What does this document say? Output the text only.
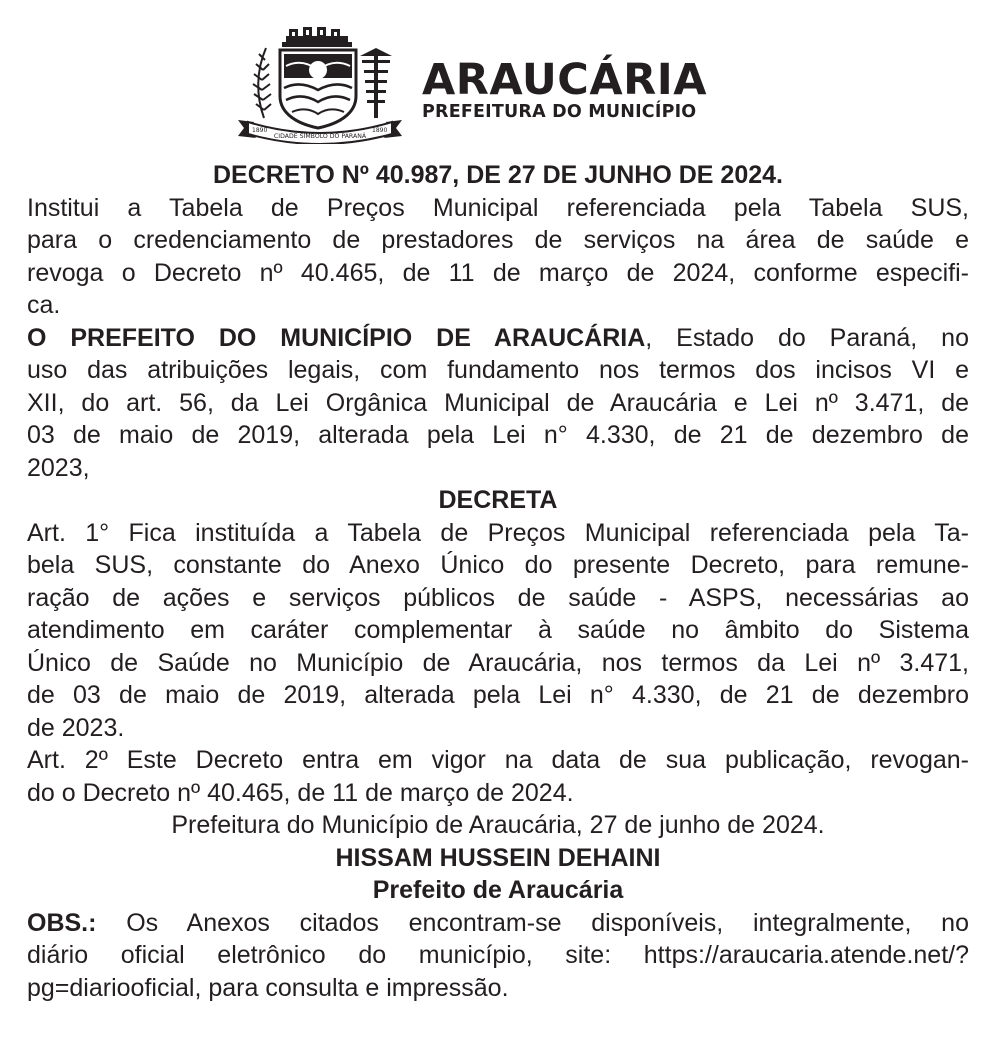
1890
CIDADE SÍMBOLO DO PARANÁ
1890
ARAUCÁRIA
PREFEITURA DO MUNICÍPIO
DECRETO Nº 40.987, DE 27 DE JUNHO DE 2024.
Institui a Tabela de Preços Municipal referenciada pela Tabela SUS,
para o credenciamento de prestadores de serviços na área de saúde e
revoga o Decreto nº 40.465, de 11 de março de 2024, conforme especifi-
ca.
O PREFEITO DO MUNICÍPIO DE ARAUCÁRIA, Estado do Paraná, no
uso das atribuições legais, com fundamento nos termos dos incisos VI e
XII, do art. 56, da Lei Orgânica Municipal de Araucária e Lei nº 3.471, de
03 de maio de 2019, alterada pela Lei n° 4.330, de 21 de dezembro de
2023,
DECRETA
Art. 1° Fica instituída a Tabela de Preços Municipal referenciada pela Ta-
bela SUS, constante do Anexo Único do presente Decreto, para remune-
ração de ações e serviços públicos de saúde - ASPS, necessárias ao
atendimento em caráter complementar à saúde no âmbito do Sistema
Único de Saúde no Município de Araucária, nos termos da Lei nº 3.471,
de 03 de maio de 2019, alterada pela Lei n° 4.330, de 21 de dezembro
de 2023.
Art. 2º Este Decreto entra em vigor na data de sua publicação, revogan-
do o Decreto nº 40.465, de 11 de março de 2024.
Prefeitura do Município de Araucária, 27 de junho de 2024.
HISSAM HUSSEIN DEHAINI
Prefeito de Araucária
OBS.: Os Anexos citados encontram-se disponíveis, integralmente, no
diário oficial eletrônico do município, site: https://araucaria.atende.net/?
pg=diariooficial, para consulta e impressão.
